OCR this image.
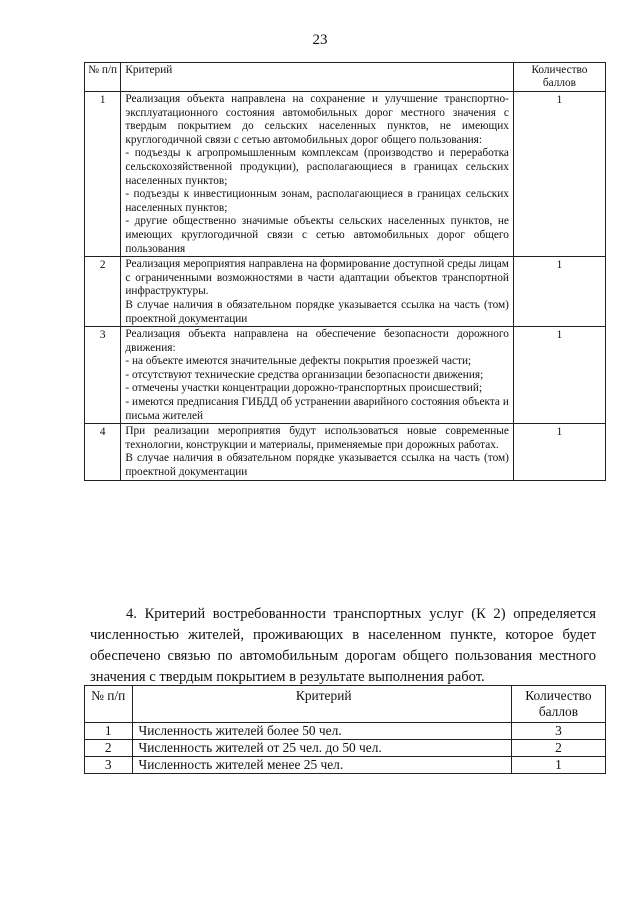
23
№ п/п	Критерий	Количество баллов
1	Реализация объекта направлена на сохранение и улучшение транспортно-эксплуатационного состояния автомобильных дорог местного значения с твердым покрытием до сельских населенных пунктов, не имеющих круглогодичной связи с сетью автомобильных дорог общего пользования:
- подъезды к агропромышленным комплексам (производство и переработка сельскохозяйственной продукции), располагающиеся в границах сельских населенных пунктов;
- подъезды к инвестиционным зонам, располагающиеся в границах сельских населенных пунктов;
- другие общественно значимые объекты сельских населенных пунктов, не имеющих круглогодичной связи с сетью автомобильных дорог общего пользования	1
2	Реализация мероприятия направлена на формирование доступной среды лицам с ограниченными возможностями в части адаптации объектов транспортной инфраструктуры.
В случае наличия в обязательном порядке указывается ссылка на часть (том) проектной документации	1
3	Реализация объекта направлена на обеспечение безопасности дорожного движения:
- на объекте имеются значительные дефекты покрытия проезжей части;
- отсутствуют технические средства организации безопасности движения;
- отмечены участки концентрации дорожно-транспортных происшествий;
- имеются предписания ГИБДД об устранении аварийного состояния объекта и письма жителей	1
4	При реализации мероприятия будут использоваться новые современные технологии, конструкции и материалы, применяемые при дорожных работах.
В случае наличия в обязательном порядке указывается ссылка на часть (том) проектной документации	1
4. Критерий востребованности транспортных услуг (К 2) определяется численностью жителей, проживающих в населенном пункте, которое будет обеспечено связью по автомобильным дорогам общего пользования местного значения с твердым покрытием в результате выполнения работ.
№ п/п	Критерий	Количество баллов
1	Численность жителей более 50 чел.	3
2	Численность жителей от 25 чел. до 50 чел.	2
3	Численность жителей менее 25 чел.	1
